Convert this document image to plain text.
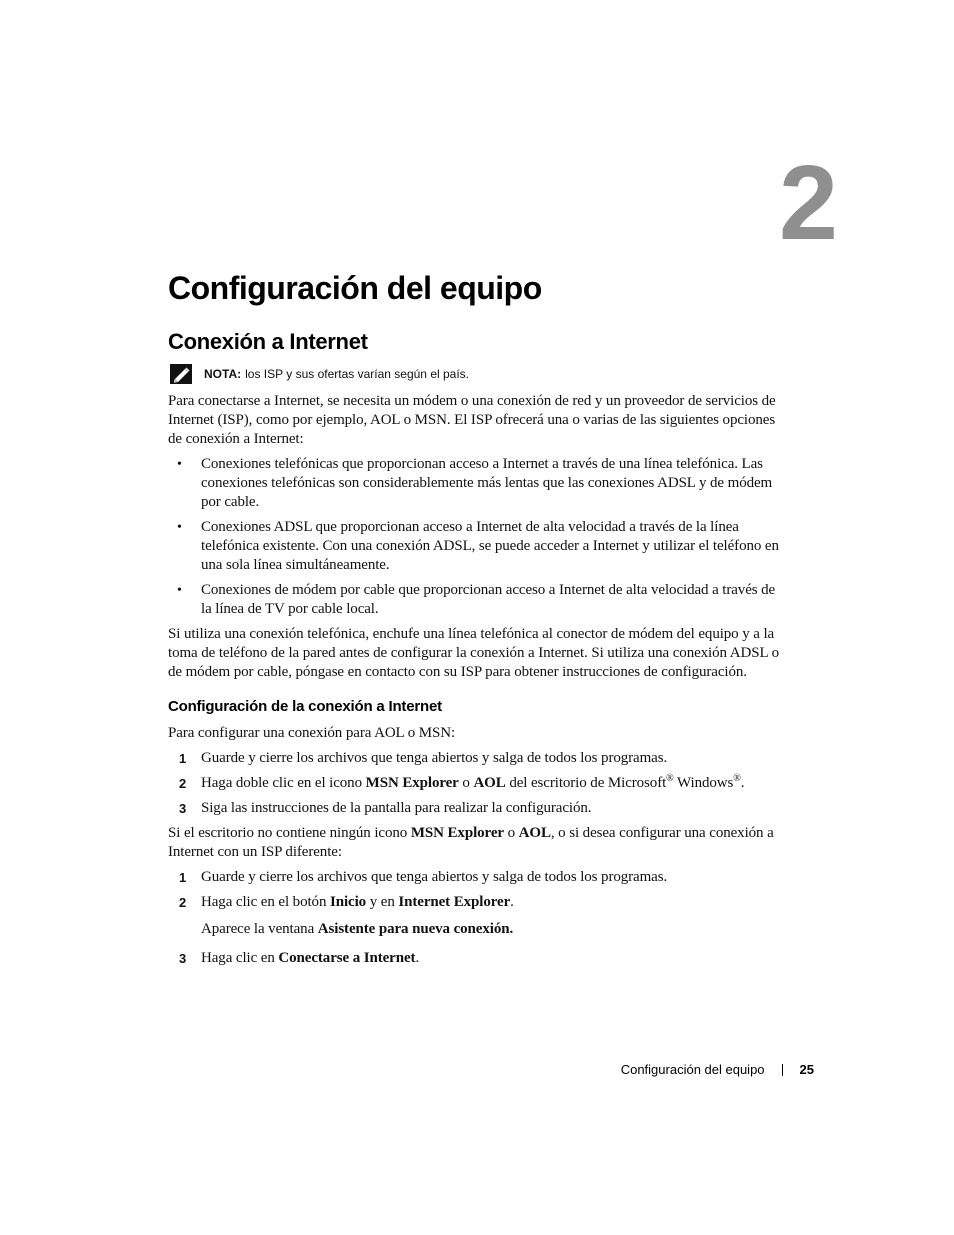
2
Configuración del equipo
Conexión a Internet
NOTA: los ISP y sus ofertas varían según el país.

Para conectarse a Internet, se necesita un módem o una conexión de red y un proveedor de servicios de Internet (ISP), como por ejemplo, AOL o MSN. El ISP ofrecerá una o varias de las siguientes opciones de conexión a Internet:

• Conexiones telefónicas que proporcionan acceso a Internet a través de una línea telefónica. Las conexiones telefónicas son considerablemente más lentas que las conexiones ADSL y de módem por cable.
• Conexiones ADSL que proporcionan acceso a Internet de alta velocidad a través de la línea telefónica existente. Con una conexión ADSL, se puede acceder a Internet y utilizar el teléfono en una sola línea simultáneamente.
• Conexiones de módem por cable que proporcionan acceso a Internet de alta velocidad a través de la línea de TV por cable local.

Si utiliza una conexión telefónica, enchufe una línea telefónica al conector de módem del equipo y a la toma de teléfono de la pared antes de configurar la conexión a Internet. Si utiliza una conexión ADSL o de módem por cable, póngase en contacto con su ISP para obtener instrucciones de configuración.

Configuración de la conexión a Internet

Para configurar una conexión para AOL o MSN:

1 Guarde y cierre los archivos que tenga abiertos y salga de todos los programas.
2 Haga doble clic en el icono MSN Explorer o AOL del escritorio de Microsoft® Windows®.
3 Siga las instrucciones de la pantalla para realizar la configuración.

Si el escritorio no contiene ningún icono MSN Explorer o AOL, o si desea configurar una conexión a Internet con un ISP diferente:

1 Guarde y cierre los archivos que tenga abiertos y salga de todos los programas.
2 Haga clic en el botón Inicio y en Internet Explorer.
Aparece la ventana Asistente para nueva conexión.
3 Haga clic en Conectarse a Internet.
Configuración del equipo	25
